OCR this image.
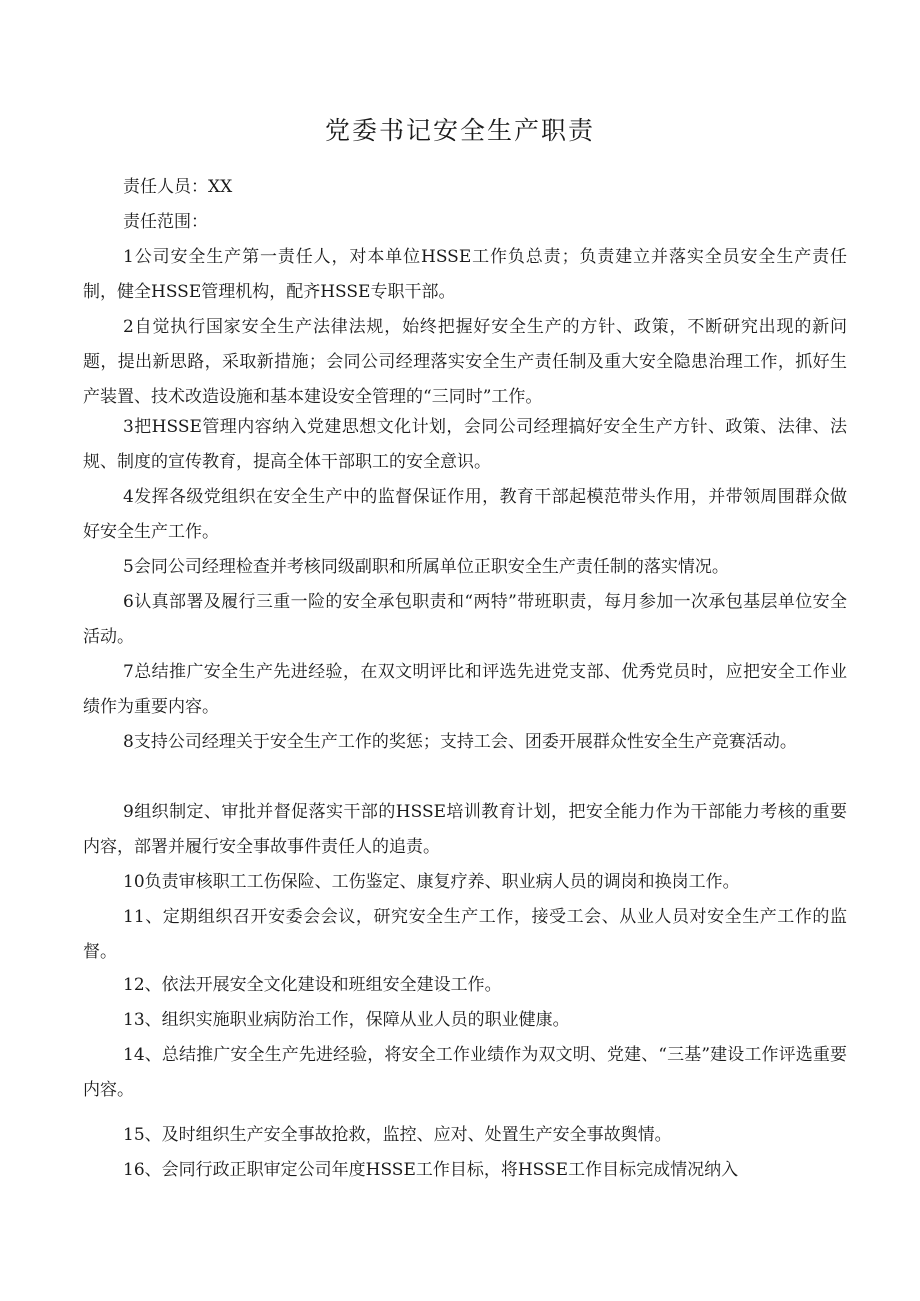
党委书记安全生产职责

责任人员：XX

责任范围：

1公司安全生产第一责任人，对本单位HSSE工作负总责；负责建立并落实全员安全生产责任制，健全HSSE管理机构，配齐HSSE专职干部。

2自觉执行国家安全生产法律法规，始终把握好安全生产的方针、政策，不断研究出现的新问题，提出新思路，采取新措施；会同公司经理落实安全生产责任制及重大安全隐患治理工作，抓好生产装置、技术改造设施和基本建设安全管理的“三同时”工作。

3把HSSE管理内容纳入党建思想文化计划，会同公司经理搞好安全生产方针、政策、法律、法规、制度的宣传教育，提高全体干部职工的安全意识。

4发挥各级党组织在安全生产中的监督保证作用，教育干部起模范带头作用，并带领周围群众做好安全生产工作。

5会同公司经理检查并考核同级副职和所属单位正职安全生产责任制的落实情况。

6认真部署及履行三重一险的安全承包职责和“两特”带班职责，每月参加一次承包基层单位安全活动。

7总结推广安全生产先进经验，在双文明评比和评选先进党支部、优秀党员时，应把安全工作业绩作为重要内容。

8支持公司经理关于安全生产工作的奖惩；支持工会、团委开展群众性安全生产竞赛活动。

9组织制定、审批并督促落实干部的HSSE培训教育计划，把安全能力作为干部能力考核的重要内容，部署并履行安全事故事件责任人的追责。

10负责审核职工工伤保险、工伤鉴定、康复疗养、职业病人员的调岗和换岗工作。

11、定期组织召开安委会会议，研究安全生产工作，接受工会、从业人员对安全生产工作的监督。

12、依法开展安全文化建设和班组安全建设工作。

13、组织实施职业病防治工作，保障从业人员的职业健康。

14、总结推广安全生产先进经验，将安全工作业绩作为双文明、党建、“三基”建设工作评选重要内容。

15、及时组织生产安全事故抢救，监控、应对、处置生产安全事故舆情。

16、会同行政正职审定公司年度HSSE工作目标，将HSSE工作目标完成情况纳入
